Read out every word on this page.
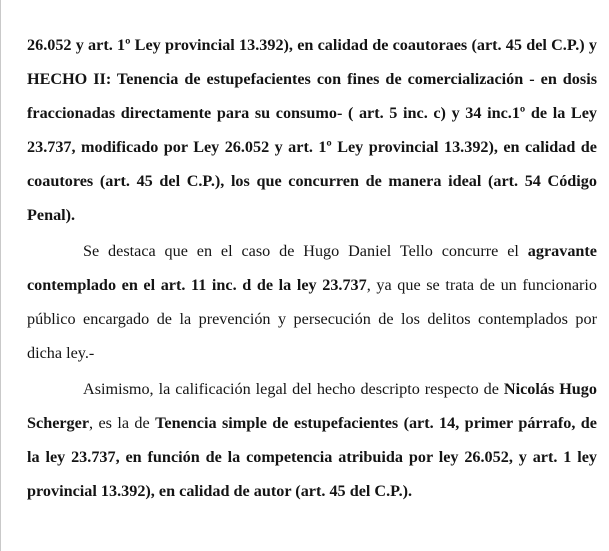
26.052 y art. 1º Ley provincial 13.392), en calidad de coautoraes (art. 45 del C.P.) y HECHO II: Tenencia de estupefacientes con fines de comercialización - en dosis fraccionadas directamente para su consumo- ( art. 5 inc. c) y 34 inc.1º de la Ley 23.737, modificado por Ley 26.052 y art. 1º Ley provincial 13.392), en calidad de coautores (art. 45 del C.P.), los que concurren de manera ideal (art. 54 Código Penal).

Se destaca que en el caso de Hugo Daniel Tello concurre el agravante contemplado en el art. 11 inc. d de la ley 23.737, ya que se trata de un funcionario público encargado de la prevención y persecución de los delitos contemplados por dicha ley.-

Asimismo, la calificación legal del hecho descripto respecto de Nicolás Hugo Scherger, es la de Tenencia simple de estupefacientes (art. 14, primer párrafo, de la ley 23.737, en función de la competencia atribuida por ley 26.052, y art. 1 ley provincial 13.392), en calidad de autor (art. 45 del C.P.).
